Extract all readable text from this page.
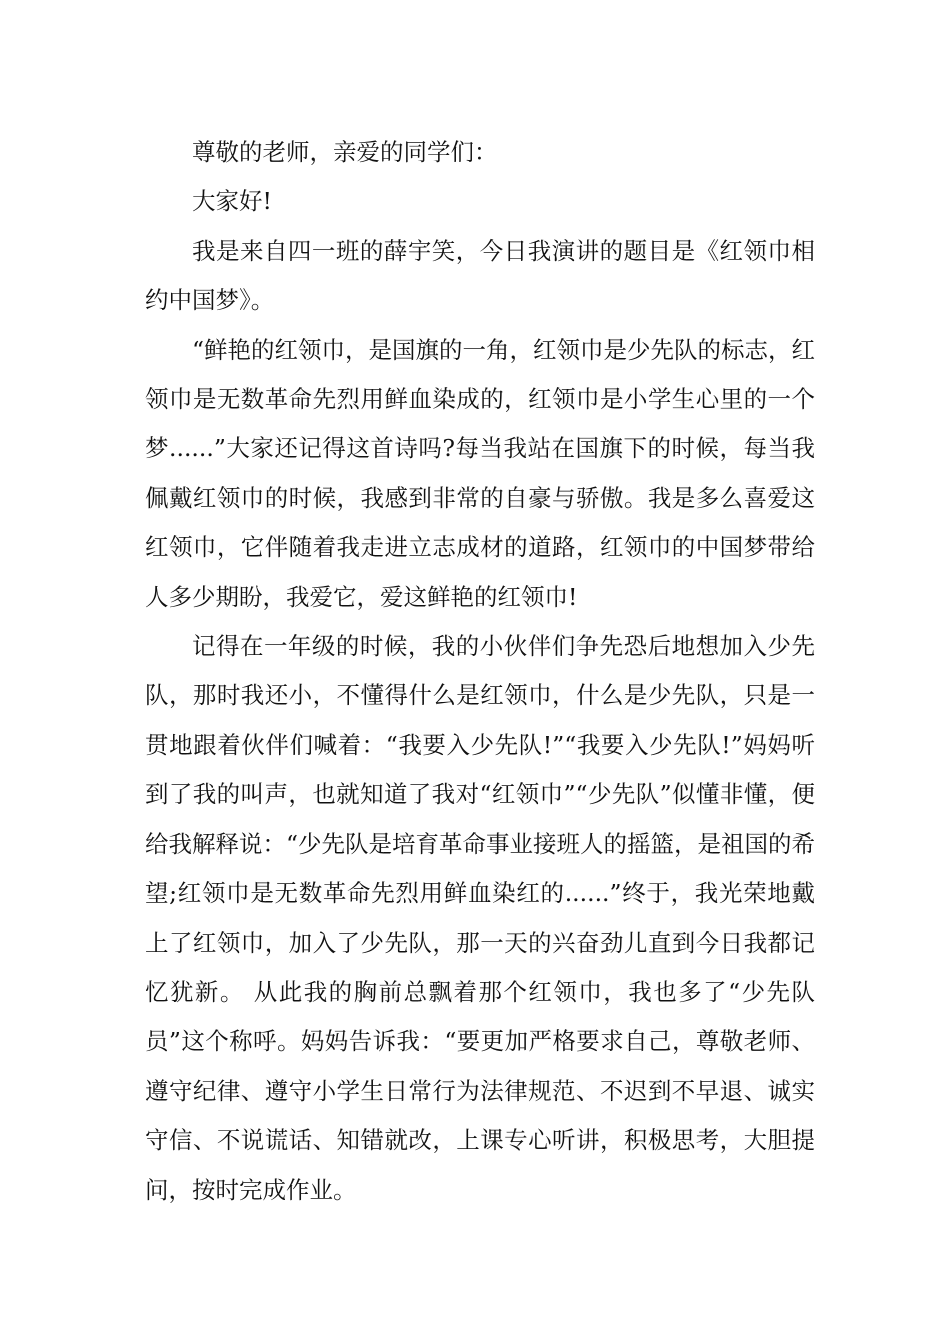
尊敬的老师，亲爱的同学们：

大家好!

我是来自四一班的薛宇笑，今日我演讲的题目是《红领巾相约中国梦》。

“鲜艳的红领巾，是国旗的一角，红领巾是少先队的标志，红领巾是无数革命先烈用鲜血染成的，红领巾是小学生心里的一个梦......”大家还记得这首诗吗?每当我站在国旗下的时候，每当我佩戴红领巾的时候，我感到非常的自豪与骄傲。我是多么喜爱这红领巾，它伴随着我走进立志成材的道路，红领巾的中国梦带给人多少期盼，我爱它，爱这鲜艳的红领巾!

记得在一年级的时候，我的小伙伴们争先恐后地想加入少先队，那时我还小，不懂得什么是红领巾，什么是少先队，只是一贯地跟着伙伴们喊着：“我要入少先队!”“我要入少先队!”妈妈听到了我的叫声，也就知道了我对“红领巾”“少先队”似懂非懂，便给我解释说：“少先队是培育革命事业接班人的摇篮，是祖国的希望;红领巾是无数革命先烈用鲜血染红的......”终于，我光荣地戴上了红领巾，加入了少先队，那一天的兴奋劲儿直到今日我都记忆犹新。 从此我的胸前总飘着那个红领巾，我也多了“少先队员”这个称呼。妈妈告诉我：“要更加严格要求自己，尊敬老师、遵守纪律、遵守小学生日常行为法律规范、不迟到不早退、诚实守信、不说谎话、知错就改，上课专心听讲，积极思考，大胆提问，按时完成作业。
